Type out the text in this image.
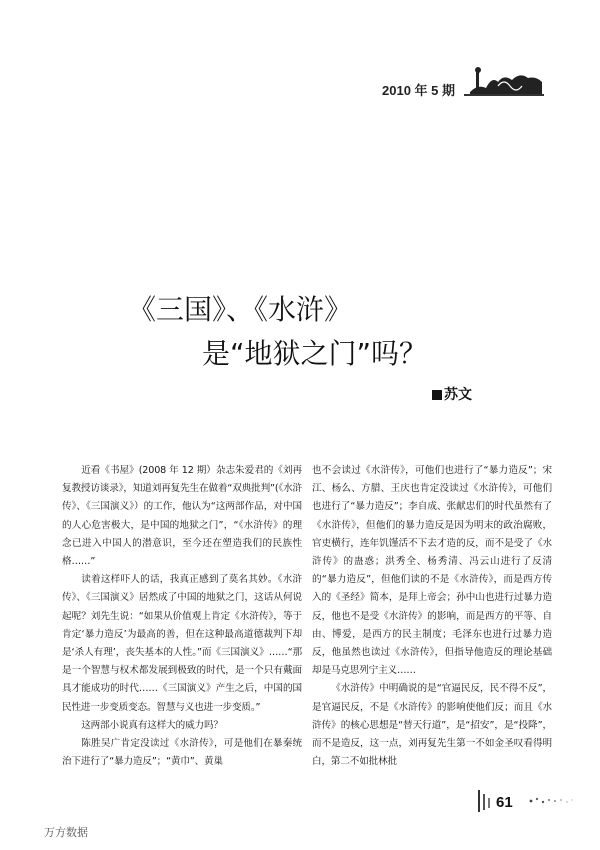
2010 年 5 期
《三国》、《水浒》
是“地狱之门”吗？
苏文

近看《书屋》(2008 年 12 期）杂志朱爱君的《刘再复教授访谈录》，知道刘再复先生在做着“双典批判”(《水浒传》、《三国演义》）的工作，他认为“这两部作品，对中国的人心危害极大，是中国的地狱之门”，“《水浒传》的理念已进入中国人的潜意识，至今还在塑造我们的民族性格……”

读着这样吓人的话，我真正感到了莫名其妙。《水浒传》、《三国演义》居然成了中国的地狱之门，这话从何说起呢？刘先生说：“如果从价值观上肯定《水浒传》，等于肯定‘暴力造反’为最高的善，但在这种最高道德裁判下却是‘杀人有理’，丧失基本的人性。”而《三国演义》……“那是一个智慧与权术都发展到极致的时代，是一个只有戴面具才能成功的时代……《三国演义》产生之后，中国的国民性进一步变质变态。智慧与义也进一步变质。”

这两部小说真有这样大的威力吗？

陈胜吴广肯定没读过《水浒传》，可是他们在暴秦统治下进行了“暴力造反”；“黄巾”、黄巢

也不会读过《水浒传》，可他们也进行了“暴力造反”；宋江、杨么、方腊、王庆也肯定没读过《水浒传》，可他们也进行了“暴力造反”；李自成、张献忠们的时代虽然有了《水浒传》，但他们的暴力造反是因为明末的政治腐败，官吏横行，连年饥馑活不下去才造的反，而不是受了《水浒传》的蛊惑；洪秀全、杨秀清、冯云山进行了反清的“暴力造反”，但他们读的不是《水浒传》，而是西方传入的《圣经》简本，是拜上帝会；孙中山也进行过暴力造反，他也不是受《水浒传》的影响，而是西方的平等、自由、博爱，是西方的民主制度；毛泽东也进行过暴力造反，他虽然也读过《水浒传》，但指导他造反的理论基础却是马克思列宁主义……

《水浒传》中明确说的是“官逼民反，民不得不反”，是官逼民反，不是《水浒传》的影响使他们反；而且《水浒传》的核心思想是“替天行道”，是“招安”，是“投降”，而不是造反，这一点，刘再复先生第一不如金圣叹看得明白，第二不如批林批

61
万方数据
